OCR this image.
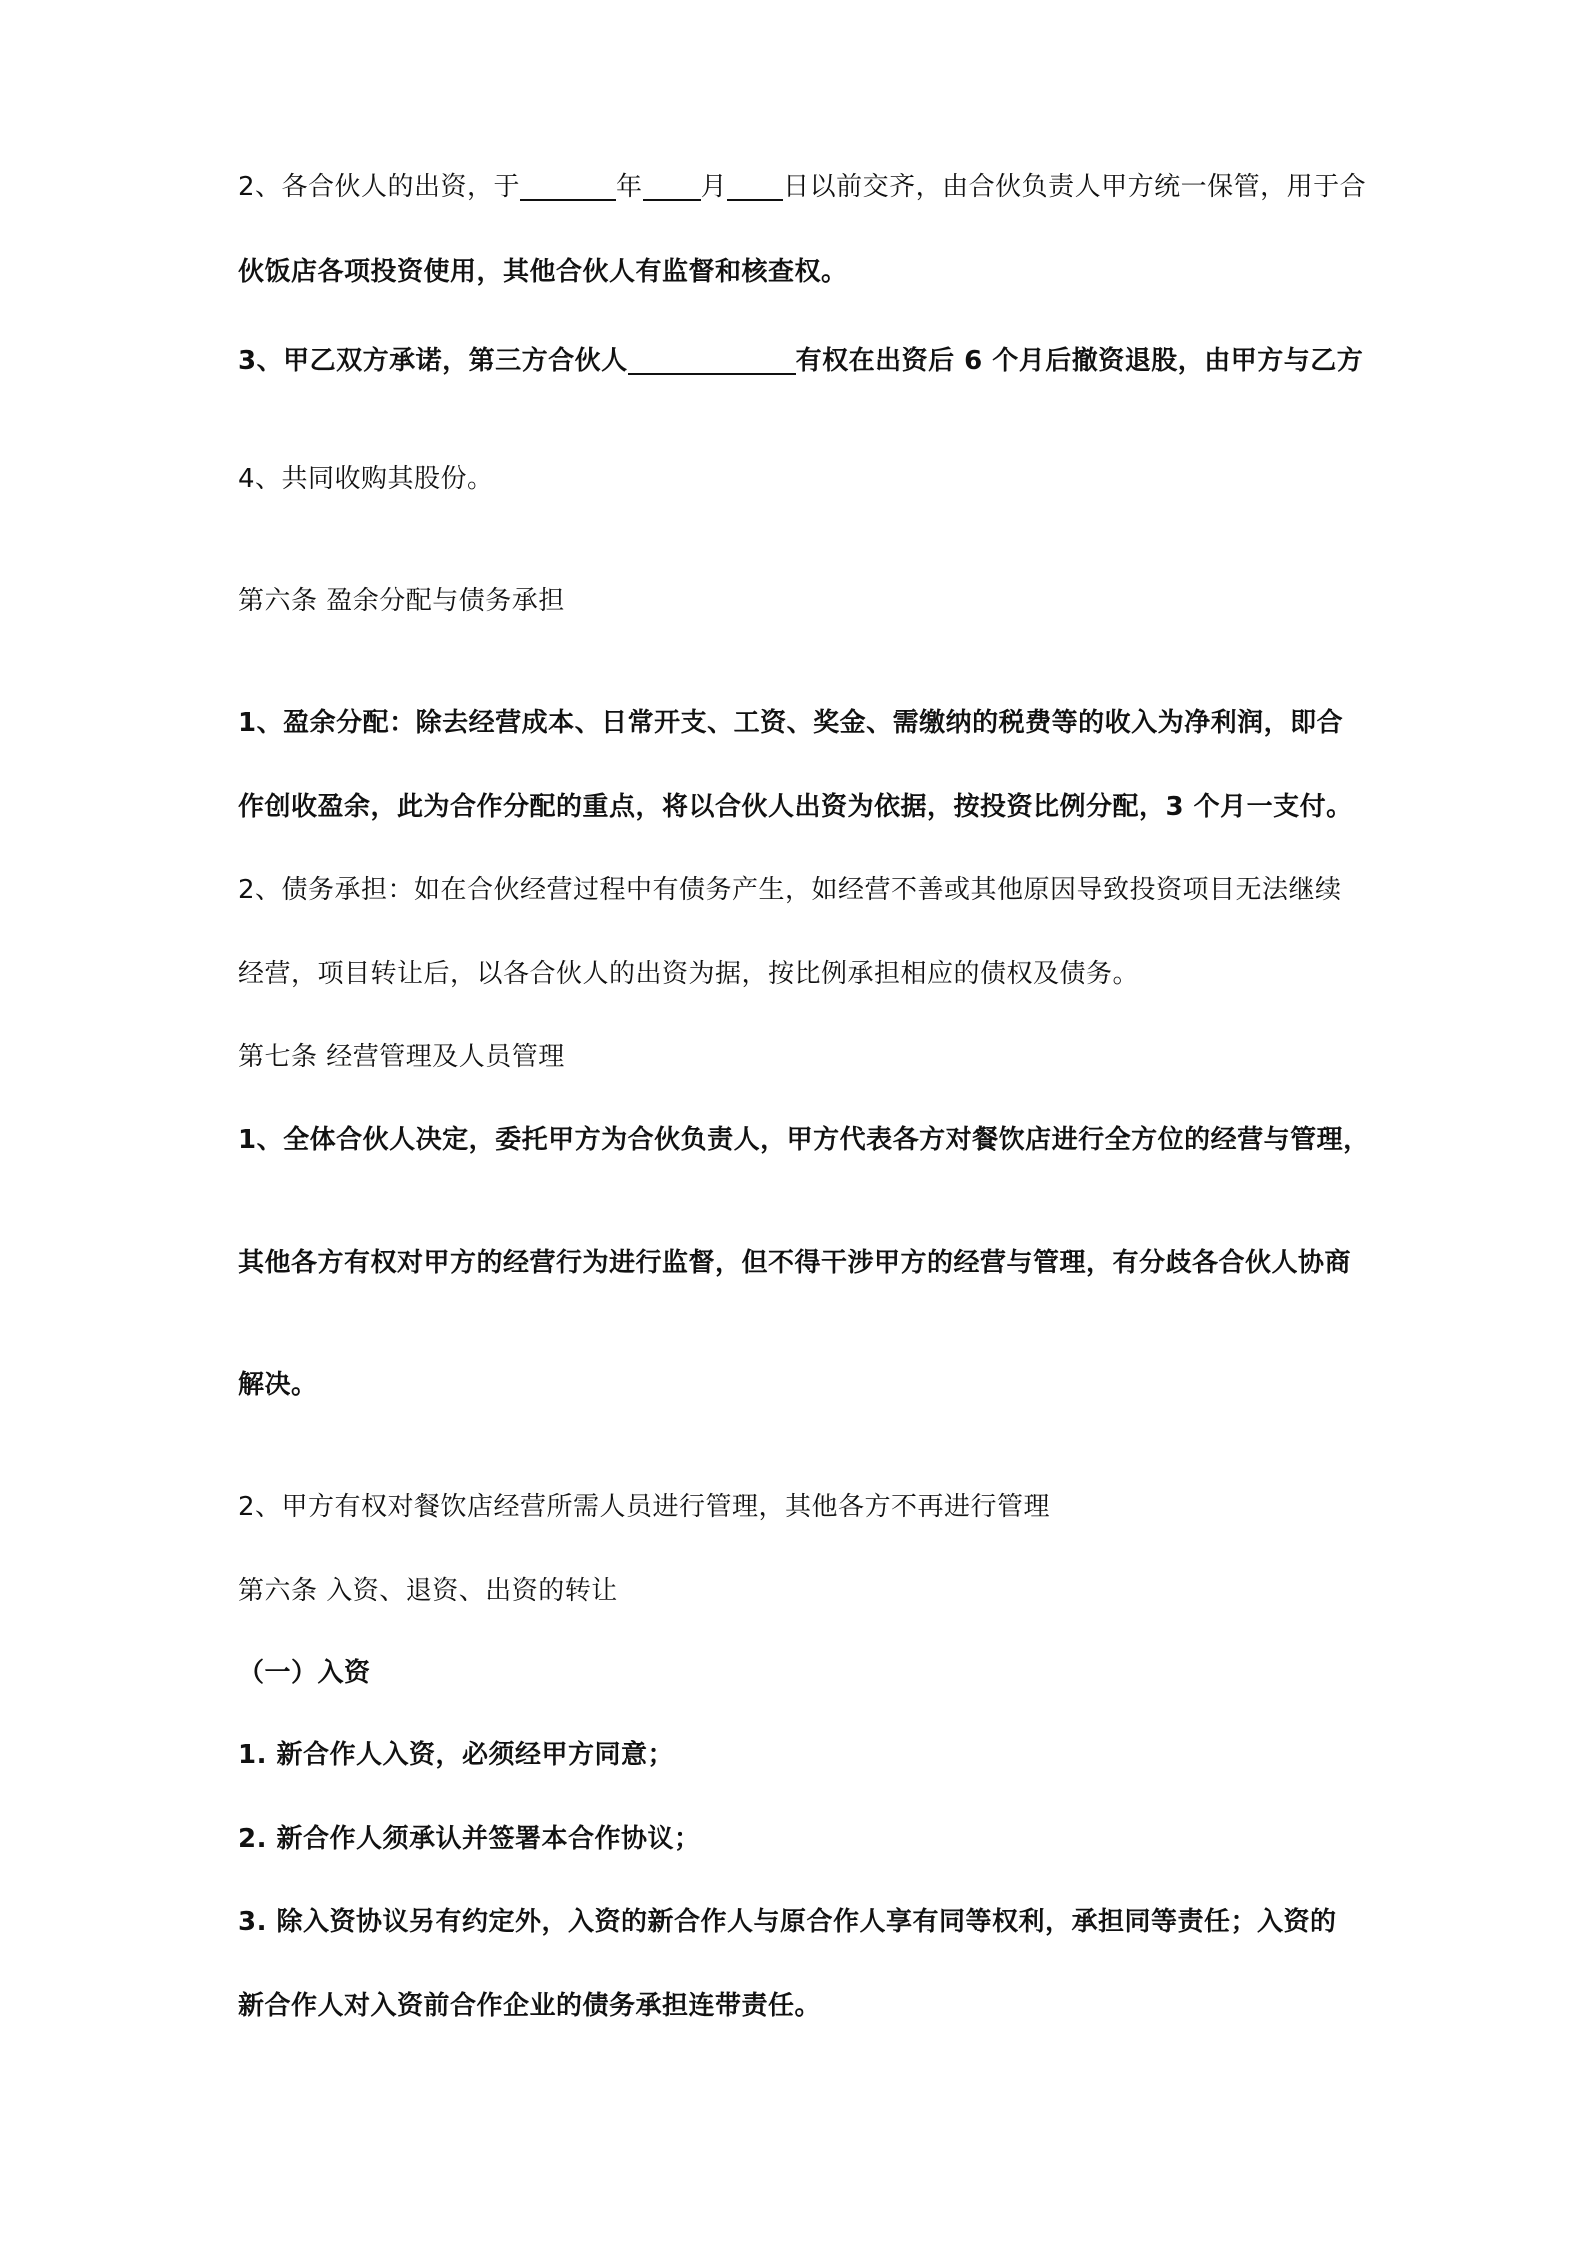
2、各合伙人的出资，于	年 月 日以前交齐，由合伙负责人甲方统一保管，用于合
伙饭店各项投资使用，其他合伙人有监督和核查权。
3、甲乙双方承诺，第三方合伙人	有权在出资后 6 个月后撤资退股，由甲方与乙方
4、共同收购其股份。
第六条 盈余分配与债务承担
1、盈余分配：除去经营成本、日常开支、工资、奖金、需缴纳的税费等的收入为净利润，即合
作创收盈余，此为合作分配的重点，将以合伙人出资为依据，按投资比例分配，3 个月一支付。
2、债务承担：如在合伙经营过程中有债务产生，如经营不善或其他原因导致投资项目无法继续
经营，项目转让后，以各合伙人的出资为据，按比例承担相应的债权及债务。
第七条 经营管理及人员管理
1、全体合伙人决定，委托甲方为合伙负责人，甲方代表各方对餐饮店进行全方位的经营与管理，
其他各方有权对甲方的经营行为进行监督，但不得干涉甲方的经营与管理，有分歧各合伙人协商
解决。
2、甲方有权对餐饮店经营所需人员进行管理，其他各方不再进行管理
第六条 入资、退资、出资的转让
（一）入资
1. 新合作人入资，必须经甲方同意；
2. 新合作人须承认并签署本合作协议；
3. 除入资协议另有约定外，入资的新合作人与原合作人享有同等权利，承担同等责任；入资的
新合作人对入资前合作企业的债务承担连带责任。
